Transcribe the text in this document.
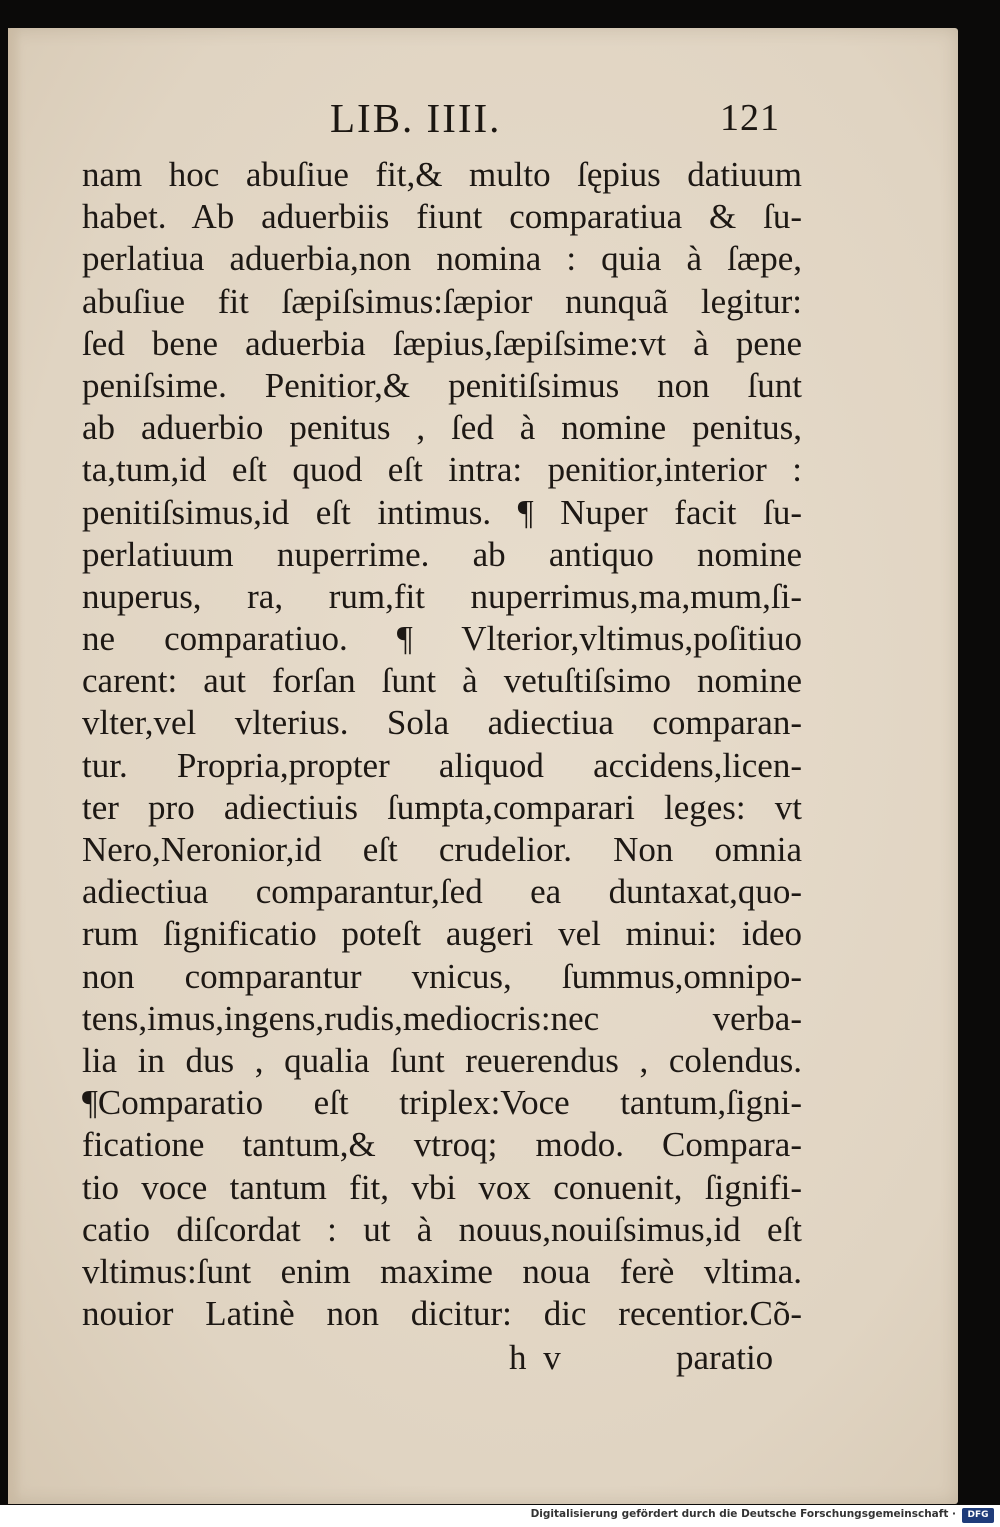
LIB. IIII.	121
nam hoc abuſiue fit,& multo ſępius datiuum
habet. Ab aduerbiis fiunt comparatiua & ſu-
perlatiua aduerbia,non nomina : quia à ſæpe,
abuſiue fit ſæpiſsimus:ſæpior nunquã legitur:
ſed bene aduerbia ſæpius,ſæpiſsime:vt à pene
peniſsime. Penitior,& penitiſsimus non ſunt
ab aduerbio penitus , ſed à nomine penitus,
ta,tum,id eſt quod eſt intra: penitior,interior :
penitiſsimus,id eſt intimus. ¶ Nuper facit ſu-
perlatiuum nuperrime. ab antiquo nomine
nuperus, ra, rum,fit nuperrimus,ma,mum,ſi-
ne comparatiuo. ¶ Vlterior,vltimus,poſitiuo
carent: aut forſan ſunt à vetuſtiſsimo nomine
vlter,vel vlterius. Sola adiectiua comparan-
tur. Propria,propter aliquod accidens,licen-
ter pro adiectiuis ſumpta,comparari leges: vt
Nero,Neronior,id eſt crudelior. Non omnia
adiectiua comparantur,ſed ea duntaxat,quo-
rum ſignificatio poteſt augeri vel minui: ideo
non comparantur vnicus, ſummus,omnipo-
tens,imus,ingens,rudis,mediocris:nec verba-
lia in dus , qualia ſunt reuerendus , colendus.
¶Comparatio eſt triplex:Voce tantum,ſigni-
ficatione tantum,& vtroq; modo. Compara-
tio voce tantum fit, vbi vox conuenit, ſignifi-
catio diſcordat : ut à nouus,nouiſsimus,id eſt
vltimus:ſunt enim maxime noua ferè vltima.
nouior Latinè non dicitur: dic recentior.Cõ-
h v	paratio
Digitalisierung gefördert durch die Deutsche Forschungsgemeinschaft ·	DFG
